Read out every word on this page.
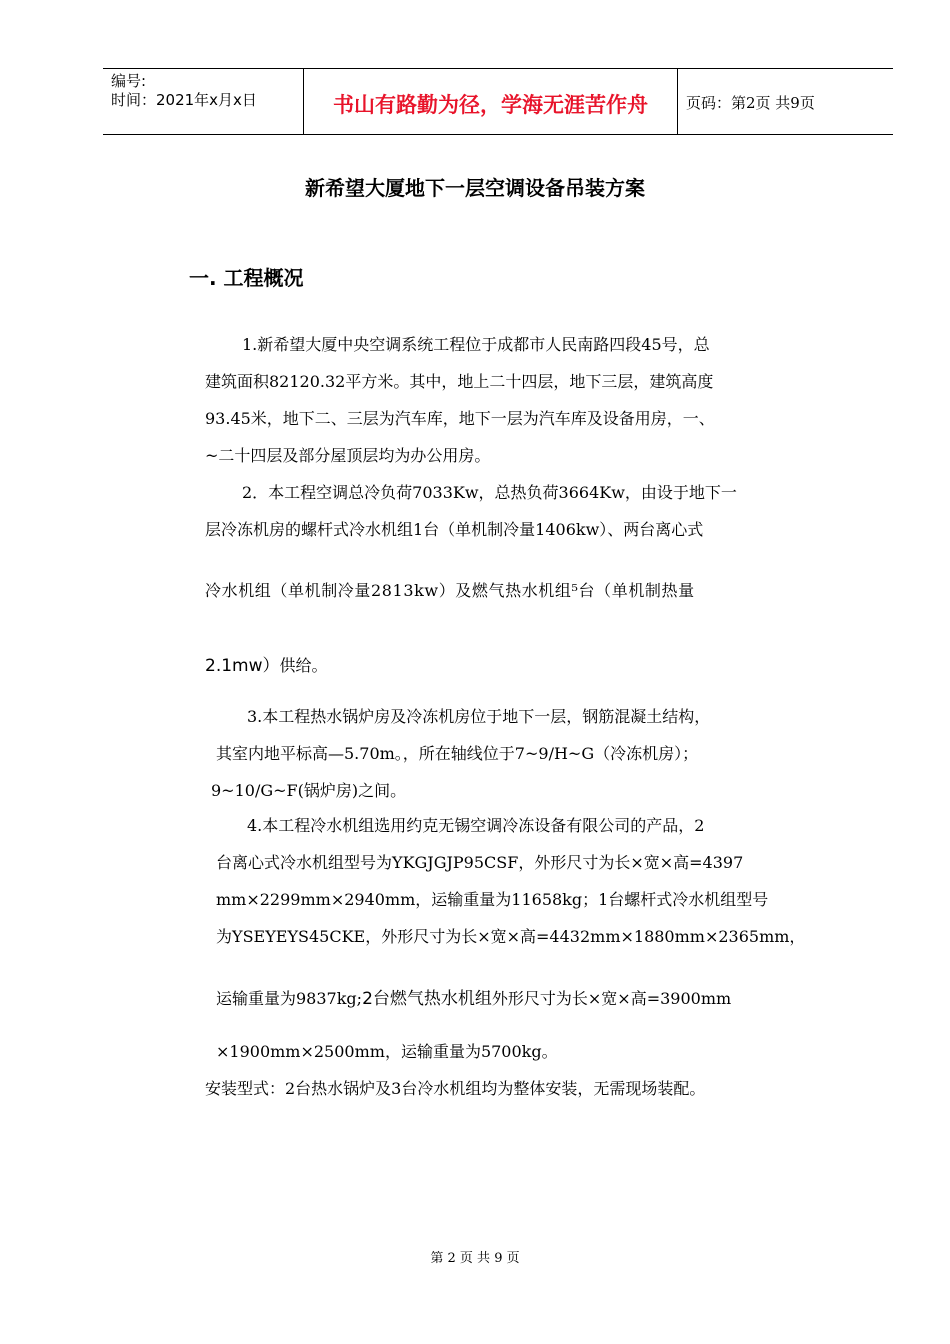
编号:
时间：2021年x月x日	书山有路勤为径，学海无涯苦作舟	页码：第2页 共9页
新希望大厦地下一层空调设备吊装方案
一. 工程概况
1.新希望大厦中央空调系统工程位于成都市人民南路四段45号，总
建筑面积82120.32平方米。其中，地上二十四层，地下三层，建筑高度
93.45米，地下二、三层为汽车库，地下一层为汽车库及设备用房，一、
~二十四层及部分屋顶层均为办公用房。
2．本工程空调总冷负荷7033Kw，总热负荷3664Kw，由设于地下一
层冷冻机房的螺杆式冷水机组1台（单机制冷量1406kw）、两台离心式
冷水机组（单机制冷量2813kw）及燃气热水机组⁵台（单机制热量
2.1mw）供给。
3.本工程热水锅炉房及冷冻机房位于地下一层，钢筋混凝土结构，
其室内地平标高—5.70m。，所在轴线位于7~9/H~G（冷冻机房）；
9~10/G~F(锅炉房)之间。
4.本工程冷水机组选用约克无锡空调冷冻设备有限公司的产品，2
台离心式冷水机组型号为YKGJGJP95CSF，外形尺寸为长×宽×高=4397
mm×2299mm×2940mm，运输重量为11658kg；1台螺杆式冷水机组型号
为YSEYEYS45CKE，外形尺寸为长×宽×高=4432mm×1880mm×2365mm，
运输重量为9837kg;2台燃气热水机组外形尺寸为长×宽×高=3900mm
×1900mm×2500mm，运输重量为5700kg。
安装型式：2台热水锅炉及3台冷水机组均为整体安装，无需现场装配。
第 2 页 共 9 页
